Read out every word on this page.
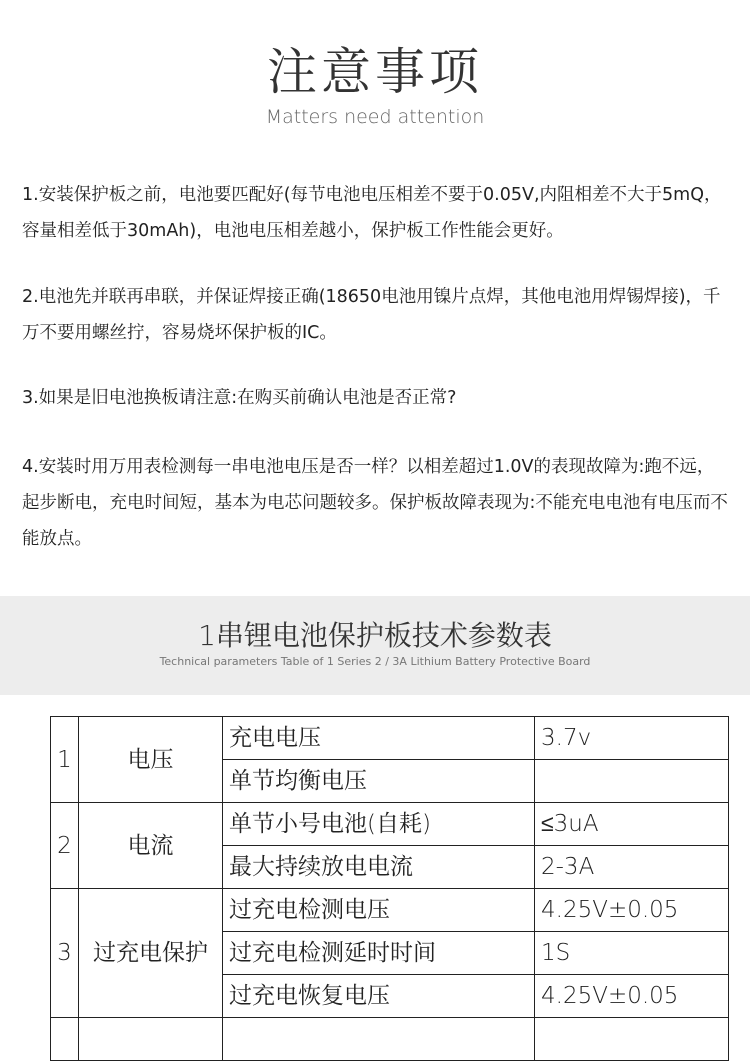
注意事项
Matters need attention
1.安装保护板之前，电池要匹配好(每节电池电压相差不要于0.05V,内阻相差不大于5mQ，容量相差低于30mAh)，电池电压相差越小，保护板工作性能会更好。
2.电池先并联再串联，并保证焊接正确(18650电池用镍片点焊，其他电池用焊锡焊接)，千万不要用螺丝拧，容易烧坏保护板的IC。
3.如果是旧电池换板请注意:在购买前确认电池是否正常?
4.安装时用万用表检测每一串电池电压是否一样？以相差超过1.0V的表现故障为:跑不远，起步断电，充电时间短，基本为电芯问题较多。保护板故障表现为:不能充电电池有电压而不能放点。
1串锂电池保护板技术参数表
Technical parameters Table of 1 Series 2 / 3A Lithium Battery Protective Board
1	电压	充电电压	3.7v
		单节均衡电压	
2	电流	单节小号电池(自耗)	≤3uA
		最大持续放电电流	2-3A
3	过充电保护	过充电检测电压	4.25V±0.05
		过充电检测延时时间	1S
		过充电恢复电压	4.25V±0.05
